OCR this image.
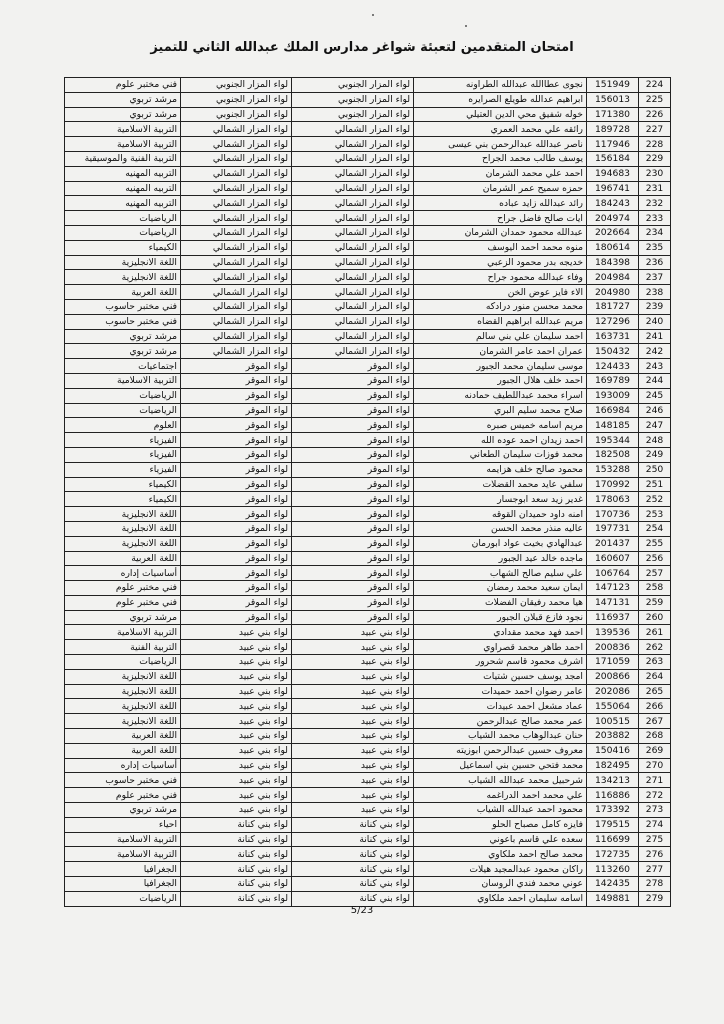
امتحان المتقدمين لتعبئة شواغر مدارس الملك عبدالله الثاني للتميز
224	151949	نجوى عطاالله عبدالله الطراونه	لواء المزار الجنوبي	لواء المزار الجنوبي	فني مختبر علوم
225	156013	ابراهيم عدالله طويلع الصرايره	لواء المزار الجنوبي	لواء المزار الجنوبي	مرشد تربوي
226	171380	خوله شفيق محي الدين العتيلي	لواء المزار الجنوبي	لواء المزار الجنوبي	مرشد تربوي
227	189728	رائقه علي محمد العمري	لواء المزار الشمالي	لواء المزار الشمالي	التربية الاسلامية
228	117946	ناصر عبدالله عبدالرحمن بني عيسى	لواء المزار الشمالي	لواء المزار الشمالي	التربية الاسلامية
229	156184	يوسف طالب محمد الجراح	لواء المزار الشمالي	لواء المزار الشمالي	التربية الفنية والموسيقية
230	194683	احمد علي محمد الشرمان	لواء المزار الشمالي	لواء المزار الشمالي	التربيه المهنيه
231	196741	حمزه سميح عمر الشرمان	لواء المزار الشمالي	لواء المزار الشمالي	التربيه المهنيه
232	184243	رائد عبدالله زايد عباده	لواء المزار الشمالي	لواء المزار الشمالي	التربيه المهنيه
233	204974	ايات صالح فاضل جراح	لواء المزار الشمالي	لواء المزار الشمالي	الرياضيات
234	202664	عبدالله محمود حمدان الشرمان	لواء المزار الشمالي	لواء المزار الشمالي	الرياضيات
235	180614	منوه محمد احمد اليوسف	لواء المزار الشمالي	لواء المزار الشمالي	الكيمياء
236	184398	خديجه بدر محمود الزعبي	لواء المزار الشمالي	لواء المزار الشمالي	اللغة الانجليزية
237	204984	وفاء عبدالله محمود جراح	لواء المزار الشمالي	لواء المزار الشمالي	اللغة الانجليزية
238	204980	الاء فايز عوض الخن	لواء المزار الشمالي	لواء المزار الشمالي	اللغة العربية
239	181727	محمد محسن منور درادكه	لواء المزار الشمالي	لواء المزار الشمالي	فني مختبر حاسوب
240	127296	مريم عبدالله ابراهيم القضاه	لواء المزار الشمالي	لواء المزار الشمالي	فني مختبر حاسوب
241	163731	احمد سليمان علي بني سالم	لواء المزار الشمالي	لواء المزار الشمالي	مرشد تربوي
242	150432	عمران احمد عامر الشرمان	لواء المزار الشمالي	لواء المزار الشمالي	مرشد تربوي
243	124433	موسى سليمان محمد الجبور	لواء الموقر	لواء الموقر	اجتماعيات
244	169789	احمد خلف هلال الجبور	لواء الموقر	لواء الموقر	التربية الاسلامية
245	193009	اسراء محمد عبداللطيف حمادنه	لواء الموقر	لواء الموقر	الرياضيات
246	166984	صلاح محمد سليم البري	لواء الموقر	لواء الموقر	الرياضيات
247	148185	مريم اسامه خميس صبره	لواء الموقر	لواء الموقر	العلوم
248	195344	احمد زيدان احمد عوده الله	لواء الموقر	لواء الموقر	الفيزياء
249	182508	محمد فوزات سليمان الطعاني	لواء الموقر	لواء الموقر	الفيزياء
250	153288	محمود صالح خلف هزايمه	لواء الموقر	لواء الموقر	الفيزياء
251	170992	سلفي عايد محمد القضلات	لواء الموقر	لواء الموقر	الكيمياء
252	178063	غدير زيد سعد ابوجسار	لواء الموقر	لواء الموقر	الكيمياء
253	170736	امنه داود حميدان القوقه	لواء الموقر	لواء الموقر	اللغة الانجليزية
254	197731	عاليه منذر محمد الحسن	لواء الموقر	لواء الموقر	اللغة الانجليزية
255	201437	عبدالهادي بخيت عواد ابورمان	لواء الموقر	لواء الموقر	اللغة الانجليزية
256	160607	ماجده خالد عيد الجبور	لواء الموقر	لواء الموقر	اللغة العربية
257	106764	علي سليم صالح الشهاب	لواء الموقر	لواء الموقر	أساسيات إداره
258	147123	ايمان سعيد محمد رمضان	لواء الموقر	لواء الموقر	فني مختبر علوم
259	147131	هيا محمد رفيقان الفضلات	لواء الموقر	لواء الموقر	فني مختبر علوم
260	116937	نجود فازع قبلان الجبور	لواء الموقر	لواء الموقر	مرشد تربوي
261	139536	احمد فهد محمد مقدادي	لواء بني عبيد	لواء بني عبيد	التربية الاسلامية
262	200836	احمد طاهر محمد قصراوي	لواء بني عبيد	لواء بني عبيد	التربية الفنية
263	171059	اشرف محمود قاسم شحرور	لواء بني عبيد	لواء بني عبيد	الرياضيات
264	200866	امجد يوسف حسين شتيات	لواء بني عبيد	لواء بني عبيد	اللغة الانجليزية
265	202086	عامر رضوان احمد حميدات	لواء بني عبيد	لواء بني عبيد	اللغة الانجليزية
266	155064	عماد مشعل احمد عبيدات	لواء بني عبيد	لواء بني عبيد	اللغة الانجليزية
267	100515	عمر محمد صالح عبدالرحمن	لواء بني عبيد	لواء بني عبيد	اللغة الانجليزية
268	203882	حنان عبدالوهاب محمد الشياب	لواء بني عبيد	لواء بني عبيد	اللغة العربية
269	150416	معروف حسين عبدالرحمن ابوزيته	لواء بني عبيد	لواء بني عبيد	اللغة العربية
270	182495	محمد فتحي حسين بني اسماعيل	لواء بني عبيد	لواء بني عبيد	أساسيات إداره
271	134213	شرحبيل محمد عبدالله الشياب	لواء بني عبيد	لواء بني عبيد	فني مختبر حاسوب
272	116886	علي محمد احمد الدراغمه	لواء بني عبيد	لواء بني عبيد	فني مختبر علوم
273	173392	محمود احمد عبدالله الشياب	لواء بني عبيد	لواء بني عبيد	مرشد تربوي
274	179515	فايزه كامل مصباح الحلو	لواء بني كنانة	لواء بني كنانة	احياء
275	116699	سعده علي قاسم باعوني	لواء بني كنانة	لواء بني كنانة	التربية الاسلامية
276	172735	محمد صالح احمد ملكاوي	لواء بني كنانة	لواء بني كنانة	التربية الاسلامية
277	113260	راكان محمود عبدالمجيد هيلات	لواء بني كنانة	لواء بني كنانة	الجغرافيا
278	142435	عوني محمد فندي الروسان	لواء بني كنانة	لواء بني كنانة	الجغرافيا
279	149881	اسامه سليمان احمد ملكاوي	لواء بني كنانة	لواء بني كنانة	الرياضيات
5/23
